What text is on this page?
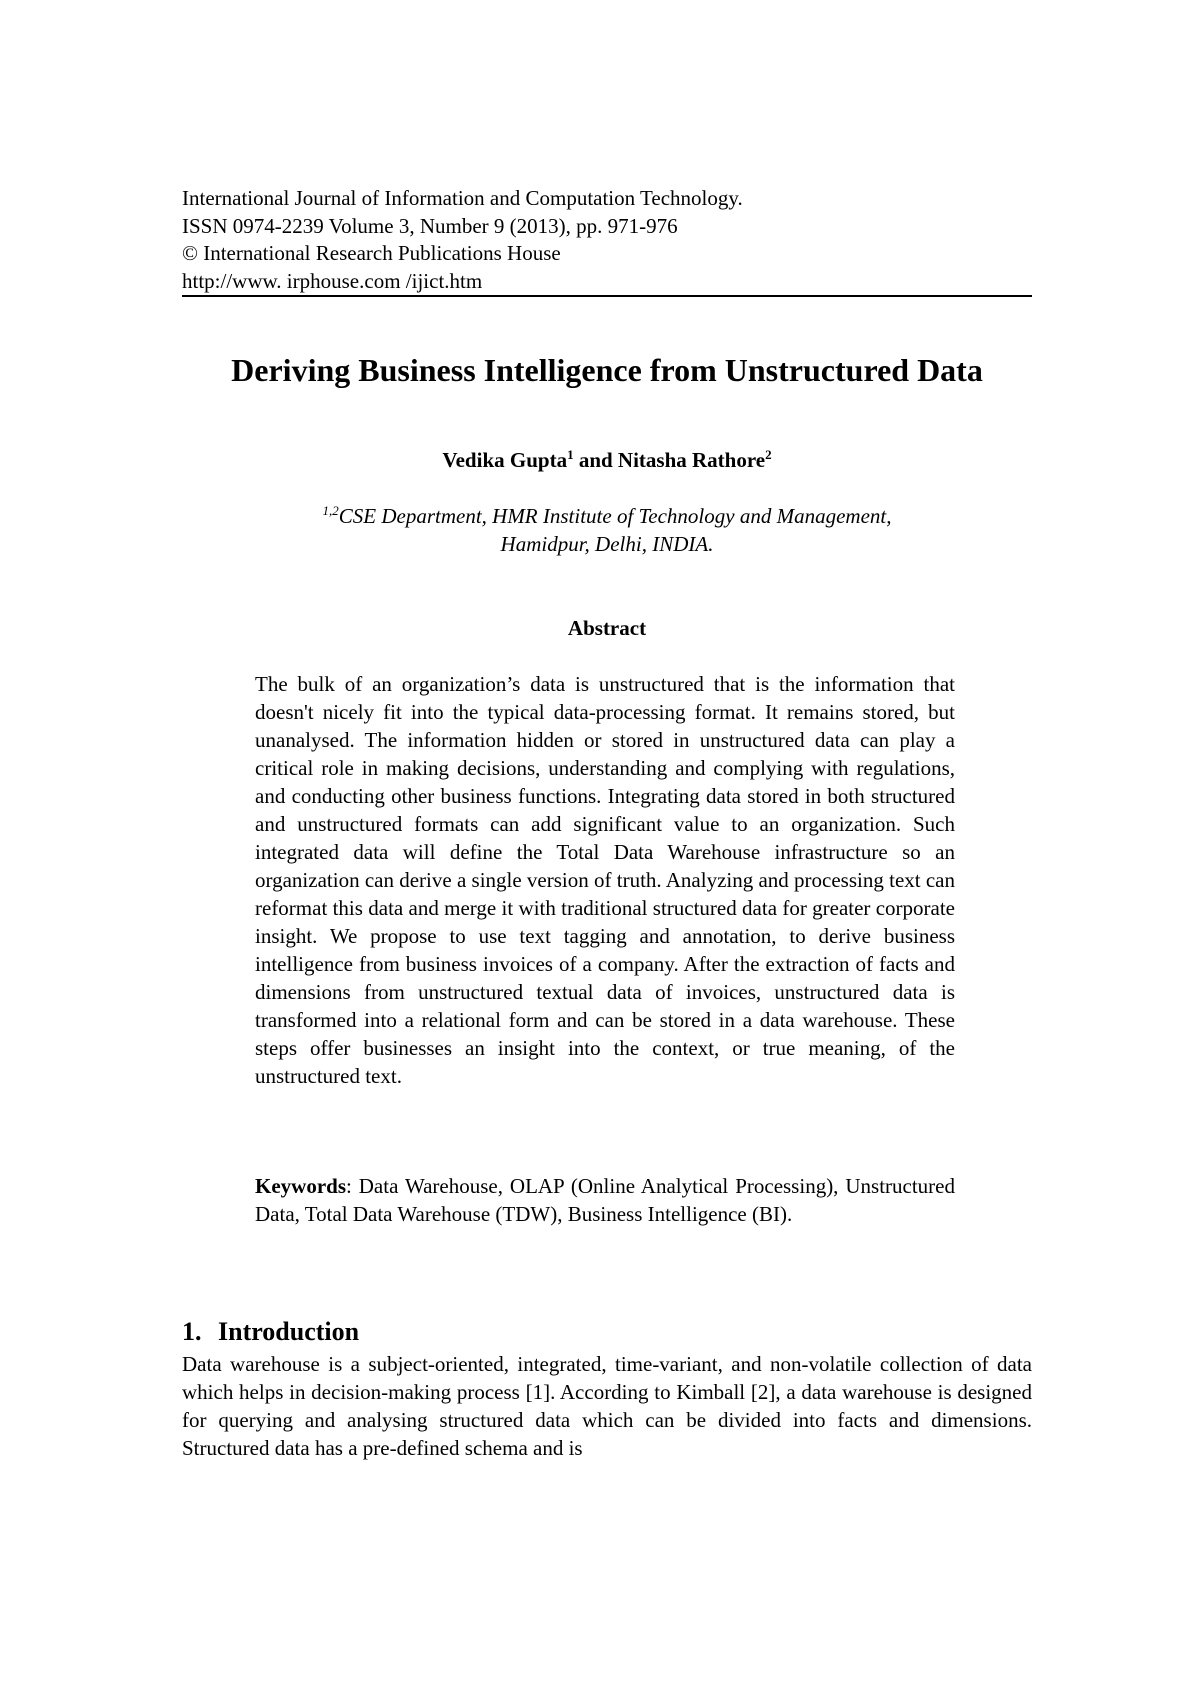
International Journal of Information and Computation Technology.
ISSN 0974-2239 Volume 3, Number 9 (2013), pp. 971-976
© International Research Publications House
http://www. irphouse.com /ijict.htm
Deriving Business Intelligence from Unstructured Data
Vedika Gupta$^1$ and Nitasha Rathore$^2$
$^{1,2}$CSE Department, HMR Institute of Technology and Management,
Hamidpur, Delhi, INDIA.
Abstract
The bulk of an organization’s data is unstructured that is the information that doesn't nicely fit into the typical data-processing format. It remains stored, but unanalysed. The information hidden or stored in unstructured data can play a critical role in making decisions, understanding and complying with regulations, and conducting other business functions. Integrating data stored in both structured and unstructured formats can add significant value to an organization. Such integrated data will define the Total Data Warehouse infrastructure so an organization can derive a single version of truth. Analyzing and processing text can reformat this data and merge it with traditional structured data for greater corporate insight. We propose to use text tagging and annotation, to derive business intelligence from business invoices of a company. After the extraction of facts and dimensions from unstructured textual data of invoices, unstructured data is transformed into a relational form and can be stored in a data warehouse. These steps offer businesses an insight into the context, or true meaning, of the unstructured text.
Keywords: Data Warehouse, OLAP (Online Analytical Processing), Unstructured Data, Total Data Warehouse (TDW), Business Intelligence (BI).
1. Introduction
Data warehouse is a subject-oriented, integrated, time-variant, and non-volatile collection of data which helps in decision-making process [1]. According to Kimball [2], a data warehouse is designed for querying and analysing structured data which can be divided into facts and dimensions. Structured data has a pre-defined schema and is
